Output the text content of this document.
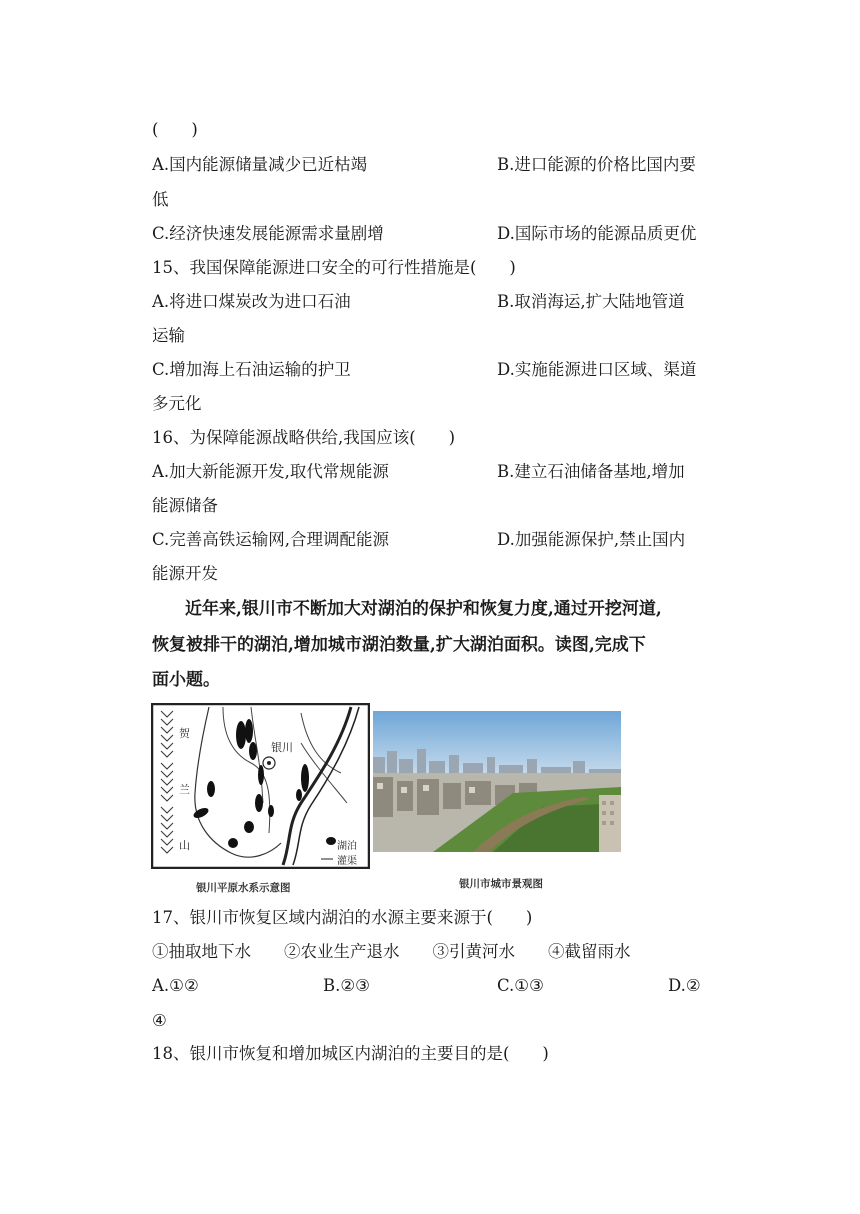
(　　)
A.国内能源储量减少已近枯竭	B.进口能源的价格比国内要
低
C.经济快速发展能源需求量剧增	D.国际市场的能源品质更优
15、我国保障能源进口安全的可行性措施是(　　)
A.将进口煤炭改为进口石油	B.取消海运,扩大陆地管道
运输
C.增加海上石油运输的护卫	D.实施能源进口区域、渠道
多元化
16、为保障能源战略供给,我国应该(　　)
A.加大新能源开发,取代常规能源	B.建立石油储备基地,增加
能源储备
C.完善高铁运输网,合理调配能源	D.加强能源保护,禁止国内
能源开发
近年来,银川市不断加大对湖泊的保护和恢复力度,通过开挖河道,
恢复被排干的湖泊,增加城市湖泊数量,扩大湖泊面积。读图,完成下
面小题。
贺
兰
山
银川
湖泊
灌渠
银川平原水系示意图	银川市城市景观图
17、银川市恢复区域内湖泊的水源主要来源于(　　)
①抽取地下水　　②农业生产退水　　③引黄河水　　④截留雨水
A.①②	B.②③	C.①③	D.②
④
18、银川市恢复和增加城区内湖泊的主要目的是(　　)
